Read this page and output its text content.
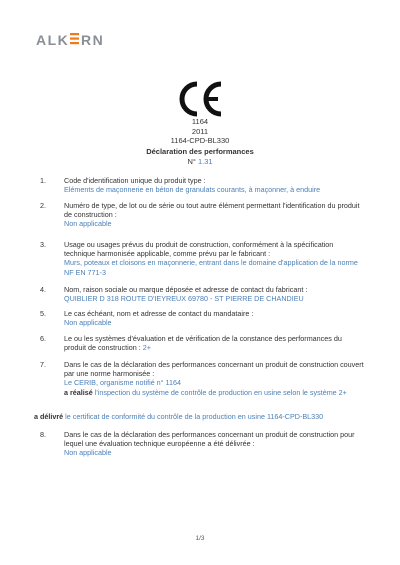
ALK RN
1164
2011
1164-CPD-BL330
Déclaration des performances
N° 1.31
1.	Code d'identification unique du produit type :
Eléments de maçonnerie en béton de granulats courants, à maçonner, à enduire
2.	Numéro de type, de lot ou de série ou tout autre élément permettant l'identification du produit de construction :
Non applicable
3.	Usage ou usages prévus du produit de construction, conformément à la spécification technique harmonisée applicable, comme prévu par le fabricant :
Murs, poteaux et cloisons en maçonnerie, entrant dans le domaine d'application de la norme NF EN 771-3
4.	Nom, raison sociale ou marque déposée et adresse de contact du fabricant :
QUIBLIER D 318 ROUTE D'IEYREUX 69780 - ST PIERRE DE CHANDIEU
5.	Le cas échéant, nom et adresse de contact du mandataire :
Non applicable
6.	Le ou les systèmes d'évaluation et de vérification de la constance des performances du produit de construction : 2+
7.	Dans le cas de la déclaration des performances concernant un produit de construction couvert par une norme harmonisée :
Le CERIB, organisme notifié n° 1164
a réalisé l'inspection du système de contrôle de production en usine selon le système 2+
a délivré le certificat de conformité du contrôle de la production en usine 1164-CPD-BL330
8.	Dans le cas de la déclaration des performances concernant un produit de construction pour lequel une évaluation technique européenne a été délivrée :
Non applicable
1/3
